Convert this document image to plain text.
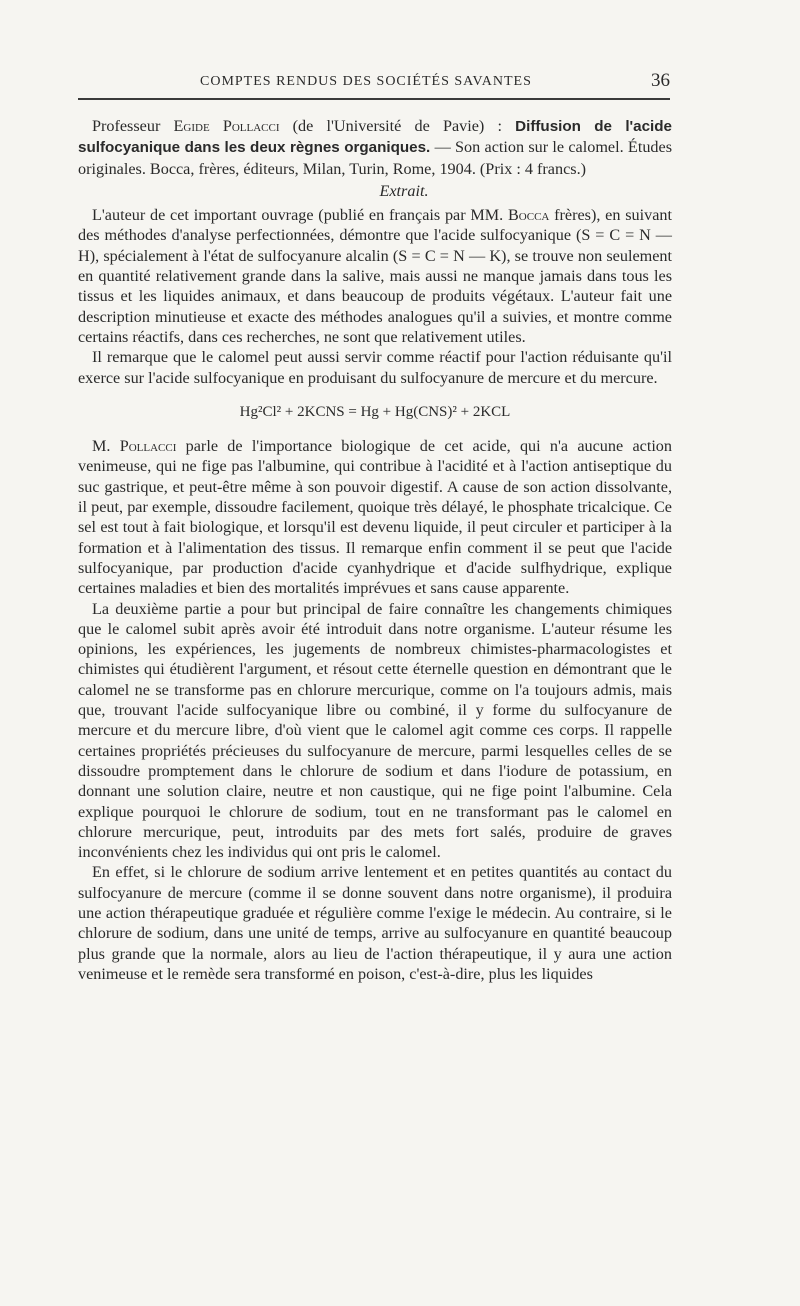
COMPTES RENDUS DES SOCIÉTÉS SAVANTES	36

Professeur Egide Pollacci (de l'Université de Pavie) : Diffusion de l'acide sulfocyanique dans les deux règnes organiques. — Son action sur le calomel. Études originales. Bocca, frères, éditeurs, Milan, Turin, Rome, 1904. (Prix : 4 francs.)

Extrait.

L'auteur de cet important ouvrage (publié en français par MM. Bocca frères), en suivant des méthodes d'analyse perfectionnées, démontre que l'acide sulfocyanique (S = C = N — H), spécialement à l'état de sulfocyanure alcalin (S = C = N — K), se trouve non seulement en quantité relativement grande dans la salive, mais aussi ne manque jamais dans tous les tissus et les liquides animaux, et dans beaucoup de produits végétaux. L'auteur fait une description minutieuse et exacte des méthodes analogues qu'il a suivies, et montre comme certains réactifs, dans ces recherches, ne sont que relativement utiles.

Il remarque que le calomel peut aussi servir comme réactif pour l'action réduisante qu'il exerce sur l'acide sulfocyanique en produisant du sulfocyanure de mercure et du mercure.

Hg²Cl² + 2KCNS = Hg + Hg(CNS)² + 2KCL

M. Pollacci parle de l'importance biologique de cet acide, qui n'a aucune action venimeuse, qui ne fige pas l'albumine, qui contribue à l'acidité et à l'action antiseptique du suc gastrique, et peut-être même à son pouvoir digestif. A cause de son action dissolvante, il peut, par exemple, dissoudre facilement, quoique très délayé, le phosphate tricalcique. Ce sel est tout à fait biologique, et lorsqu'il est devenu liquide, il peut circuler et participer à la formation et à l'alimentation des tissus. Il remarque enfin comment il se peut que l'acide sulfocyanique, par production d'acide cyanhydrique et d'acide sulfhydrique, explique certaines maladies et bien des mortalités imprévues et sans cause apparente.

La deuxième partie a pour but principal de faire connaître les changements chimiques que le calomel subit après avoir été introduit dans notre organisme. L'auteur résume les opinions, les expériences, les jugements de nombreux chimistes-pharmacologistes et chimistes qui étudièrent l'argument, et résout cette éternelle question en démontrant que le calomel ne se transforme pas en chlorure mercurique, comme on l'a toujours admis, mais que, trouvant l'acide sulfocyanique libre ou combiné, il y forme du sulfocyanure de mercure et du mercure libre, d'où vient que le calomel agit comme ces corps. Il rappelle certaines propriétés précieuses du sulfocyanure de mercure, parmi lesquelles celles de se dissoudre promptement dans le chlorure de sodium et dans l'iodure de potassium, en donnant une solution claire, neutre et non caustique, qui ne fige point l'albumine. Cela explique pourquoi le chlorure de sodium, tout en ne transformant pas le calomel en chlorure mercurique, peut, introduits par des mets fort salés, produire de graves inconvénients chez les individus qui ont pris le calomel.

En effet, si le chlorure de sodium arrive lentement et en petites quantités au contact du sulfocyanure de mercure (comme il se donne souvent dans notre organisme), il produira une action thérapeutique graduée et régulière comme l'exige le médecin. Au contraire, si le chlorure de sodium, dans une unité de temps, arrive au sulfocyanure en quantité beaucoup plus grande que la normale, alors au lieu de l'action thérapeutique, il y aura une action venimeuse et le remède sera transformé en poison, c'est-à-dire, plus les liquides
